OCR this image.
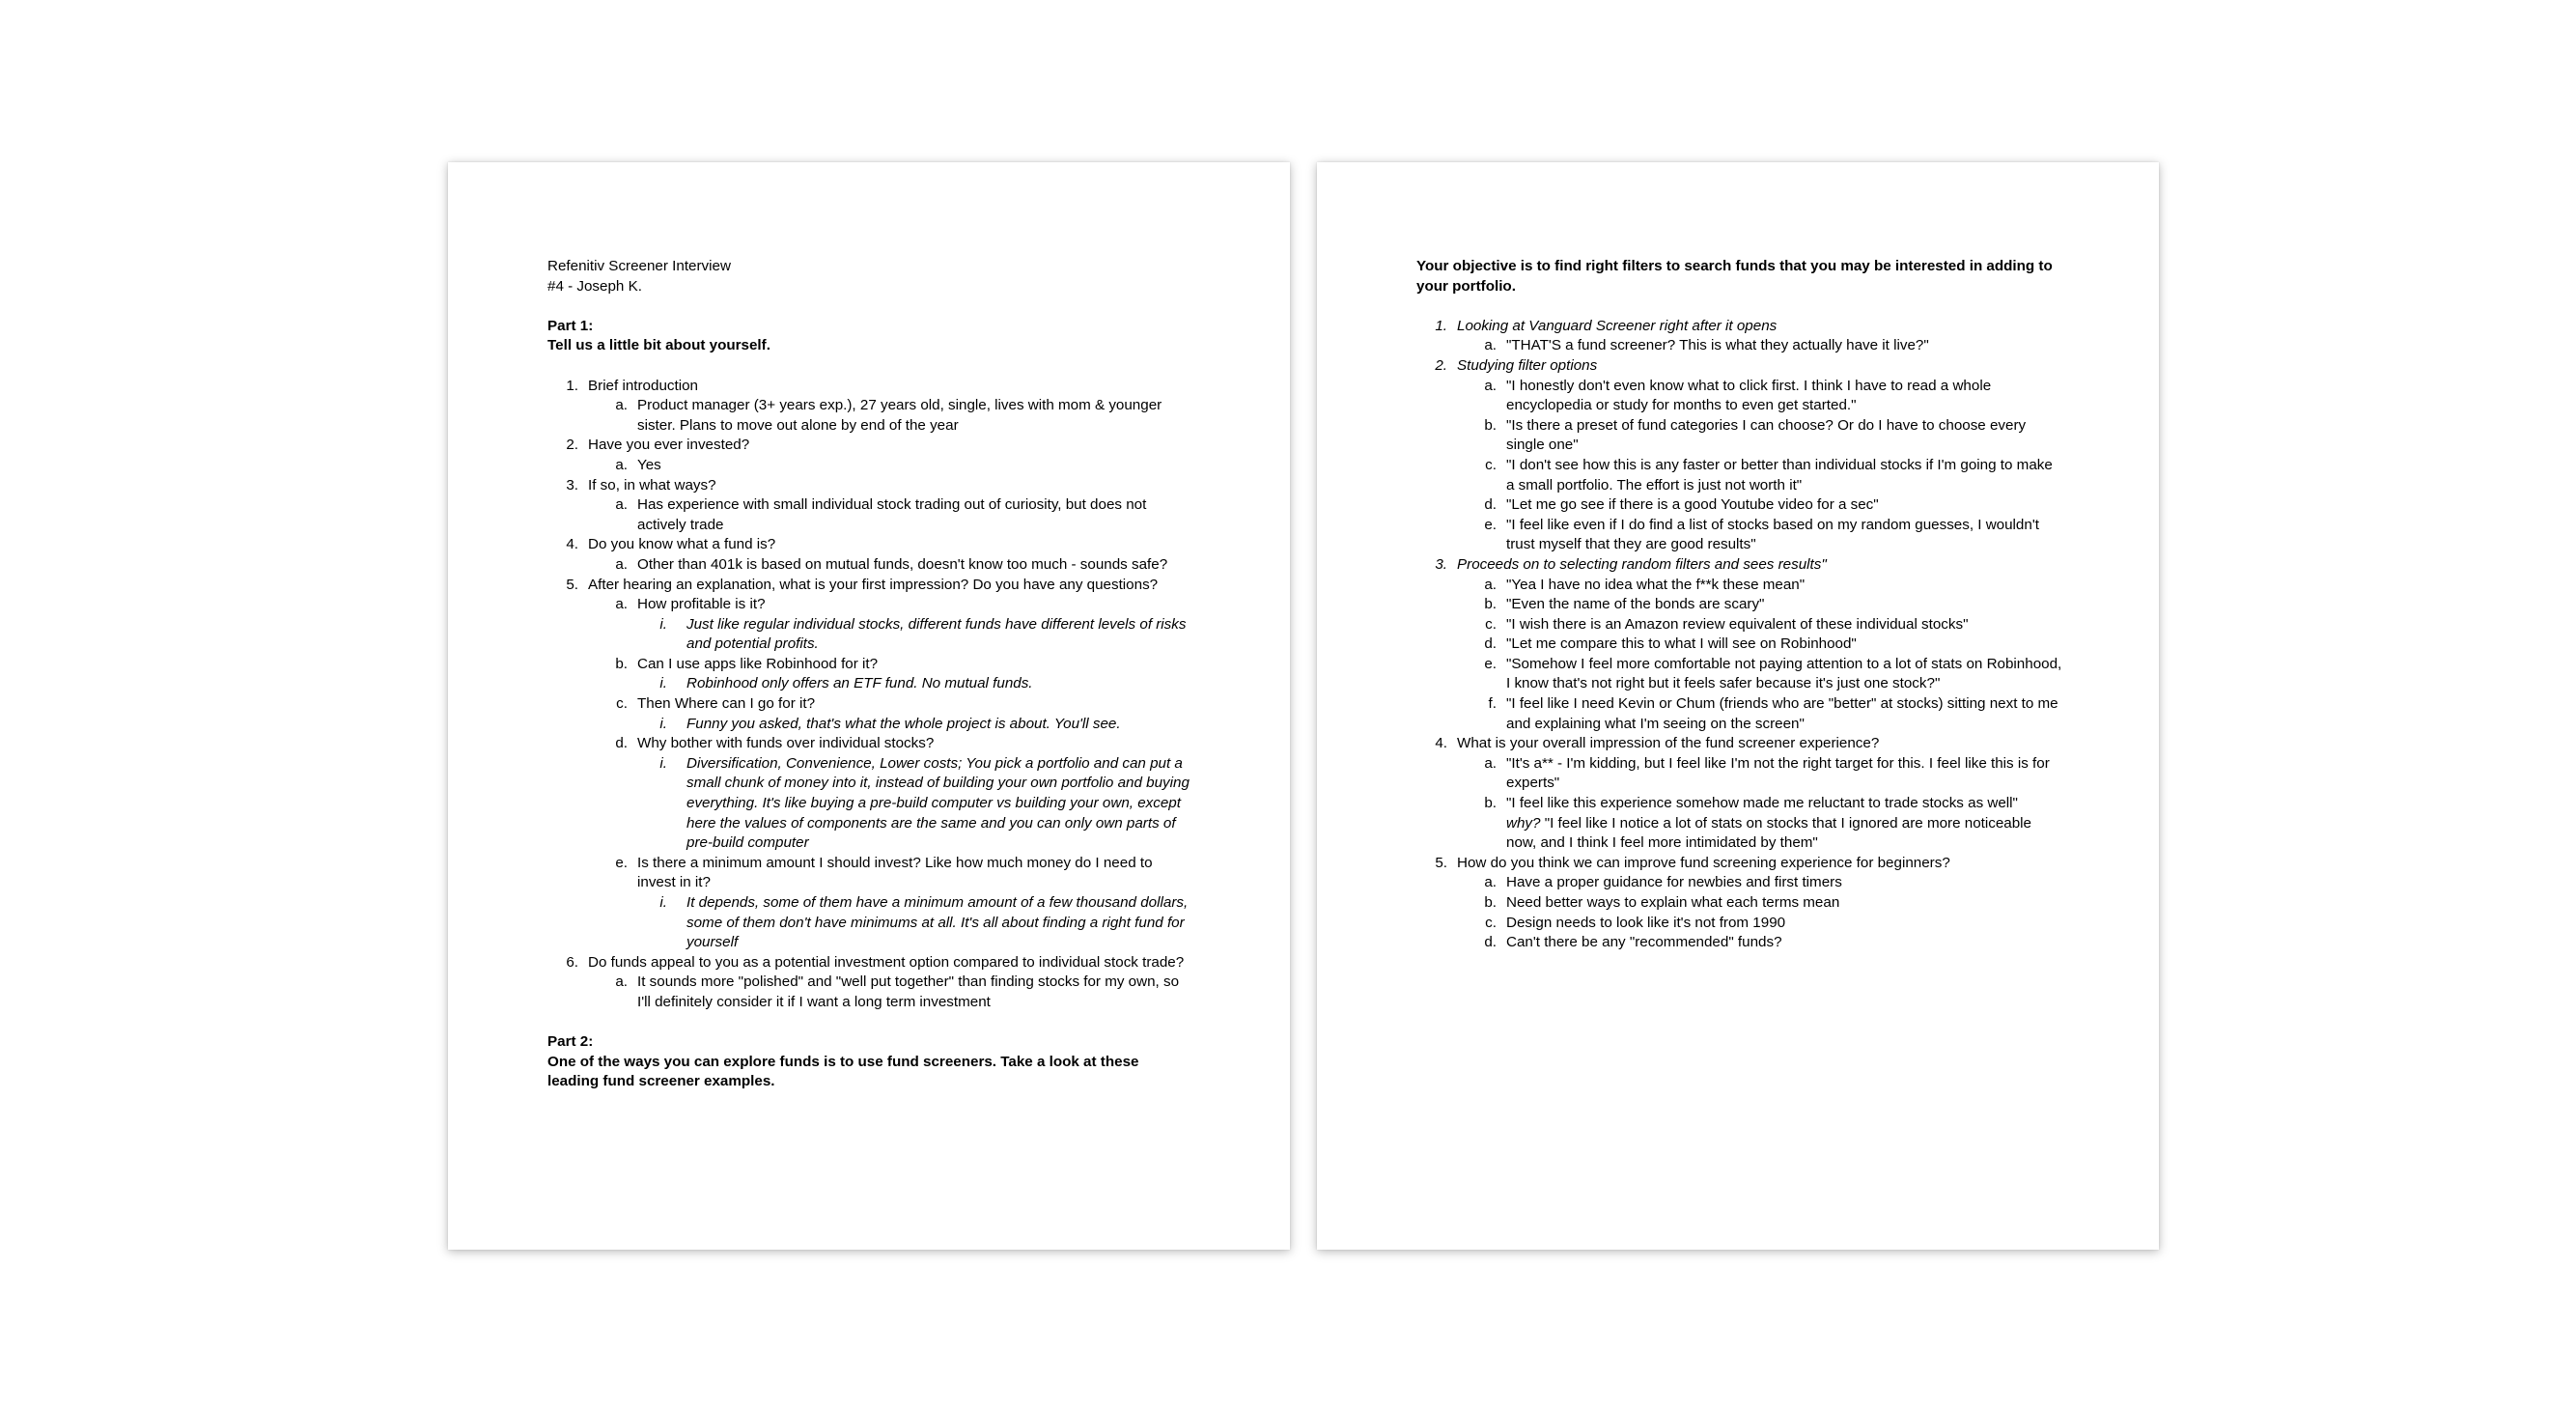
Refenitiv Screener Interview

#4 - Joseph K.

Part 1:

Tell us a little bit about yourself.

1. Brief introduction
a. Product manager (3+ years exp.), 27 years old, single, lives with mom & younger sister. Plans to move out alone by end of the year
2. Have you ever invested?
a. Yes
3. If so, in what ways?
a. Has experience with small individual stock trading out of curiosity, but does not actively trade
4. Do you know what a fund is?
a. Other than 401k is based on mutual funds, doesn't know too much - sounds safe?
5. After hearing an explanation, what is your first impression? Do you have any questions?
a. How profitable is it?
i.	Just like regular individual stocks, different funds have different levels of risks and potential profits.
b. Can I use apps like Robinhood for it?
i.	Robinhood only offers an ETF fund. No mutual funds.
c. Then Where can I go for it?
i.	Funny you asked, that's what the whole project is about. You'll see.
d. Why bother with funds over individual stocks?
i.	Diversification, Convenience, Lower costs; You pick a portfolio and can put a small chunk of money into it, instead of building your own portfolio and buying everything. It's like buying a pre-build computer vs building your own, except here the values of components are the same and you can only own parts of pre-build computer
e. Is there a minimum amount I should invest? Like how much money do I need to invest in it?
i.	It depends, some of them have a minimum amount of a few thousand dollars, some of them don't have minimums at all. It's all about finding a right fund for yourself
6. Do funds appeal to you as a potential investment option compared to individual stock trade?
a. It sounds more "polished" and "well put together" than finding stocks for my own, so I'll definitely consider it if I want a long term investment

Part 2:

One of the ways you can explore funds is to use fund screeners. Take a look at these leading fund screener examples.

Your objective is to find right filters to search funds that you may be interested in adding to your portfolio.

1. Looking at Vanguard Screener right after it opens
a. "THAT'S a fund screener? This is what they actually have it live?"
2. Studying filter options
a. "I honestly don't even know what to click first. I think I have to read a whole encyclopedia or study for months to even get started."
b. "Is there a preset of fund categories I can choose? Or do I have to choose every single one"
c. "I don't see how this is any faster or better than individual stocks if I'm going to make a small portfolio. The effort is just not worth it"
d. "Let me go see if there is a good Youtube video for a sec"
e. "I feel like even if I do find a list of stocks based on my random guesses, I wouldn't trust myself that they are good results"
3. Proceeds on to selecting random filters and sees results"
a. "Yea I have no idea what the f**k these mean"
b. "Even the name of the bonds are scary"
c. "I wish there is an Amazon review equivalent of these individual stocks"
d. "Let me compare this to what I will see on Robinhood"
e. "Somehow I feel more comfortable not paying attention to a lot of stats on Robinhood, I know that's not right but it feels safer because it's just one stock?"
f. "I feel like I need Kevin or Chum (friends who are "better" at stocks) sitting next to me and explaining what I'm seeing on the screen"
4. What is your overall impression of the fund screener experience?
a. "It's a** - I'm kidding, but I feel like I'm not the right target for this. I feel like this is for experts"
b. "I feel like this experience somehow made me reluctant to trade stocks as well"
why? "I feel like I notice a lot of stats on stocks that I ignored are more noticeable now, and I think I feel more intimidated by them"
5. How do you think we can improve fund screening experience for beginners?
a. Have a proper guidance for newbies and first timers
b. Need better ways to explain what each terms mean
c. Design needs to look like it's not from 1990
d. Can't there be any "recommended" funds?
